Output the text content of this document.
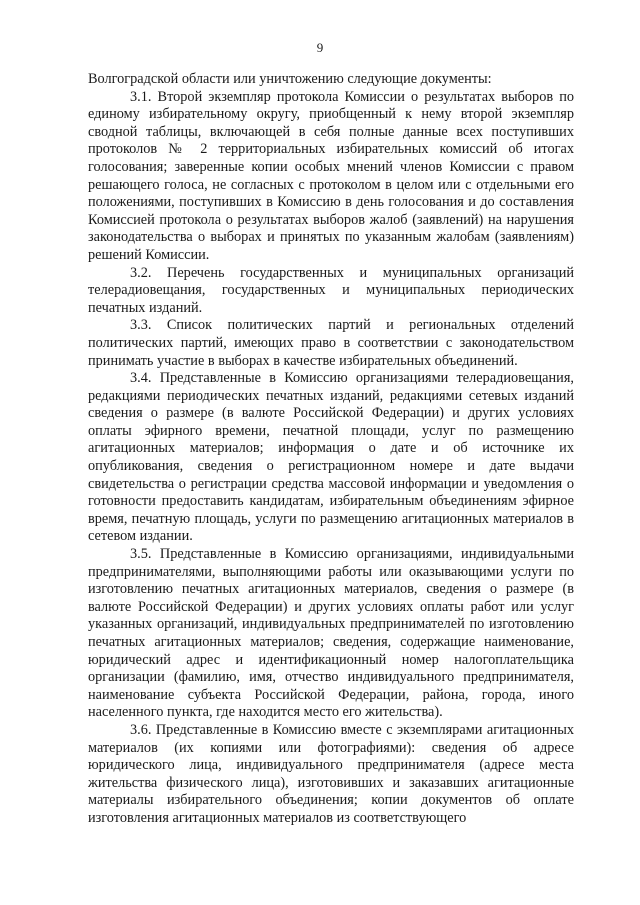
9

Волгоградской области или уничтожению следующие документы:

3.1. Второй экземпляр протокола Комиссии о результатах выборов по единому избирательному округу, приобщенный к нему второй экземпляр сводной таблицы, включающей в себя полные данные всех поступивших протоколов № 2 территориальных избирательных комиссий об итогах голосования; заверенные копии особых мнений членов Комиссии с правом решающего голоса, не согласных с протоколом в целом или с отдельными его положениями, поступивших в Комиссию в день голосования и до составления Комиссией протокола о результатах выборов жалоб (заявлений) на нарушения законодательства о выборах и принятых по указанным жалобам (заявлениям) решений Комиссии.

3.2. Перечень государственных и муниципальных организаций телерадиовещания, государственных и муниципальных периодических печатных изданий.

3.3. Список политических партий и региональных отделений политических партий, имеющих право в соответствии с законодательством принимать участие в выборах в качестве избирательных объединений.

3.4. Представленные в Комиссию организациями телерадиовещания, редакциями периодических печатных изданий, редакциями сетевых изданий сведения о размере (в валюте Российской Федерации) и других условиях оплаты эфирного времени, печатной площади, услуг по размещению агитационных материалов; информация о дате и об источнике их опубликования, сведения о регистрационном номере и дате выдачи свидетельства о регистрации средства массовой информации и уведомления о готовности предоставить кандидатам, избирательным объединениям эфирное время, печатную площадь, услуги по размещению агитационных материалов в сетевом издании.

3.5. Представленные в Комиссию организациями, индивидуальными предпринимателями, выполняющими работы или оказывающими услуги по изготовлению печатных агитационных материалов, сведения о размере (в валюте Российской Федерации) и других условиях оплаты работ или услуг указанных организаций, индивидуальных предпринимателей по изготовлению печатных агитационных материалов; сведения, содержащие наименование, юридический адрес и идентификационный номер налогоплательщика организации (фамилию, имя, отчество индивидуального предпринимателя, наименование субъекта Российской Федерации, района, города, иного населенного пункта, где находится место его жительства).

3.6. Представленные в Комиссию вместе с экземплярами агитационных материалов (их копиями или фотографиями): сведения об адресе юридического лица, индивидуального предпринимателя (адресе места жительства физического лица), изготовивших и заказавших агитационные материалы избирательного объединения; копии документов об оплате изготовления агитационных материалов из соответствующего
